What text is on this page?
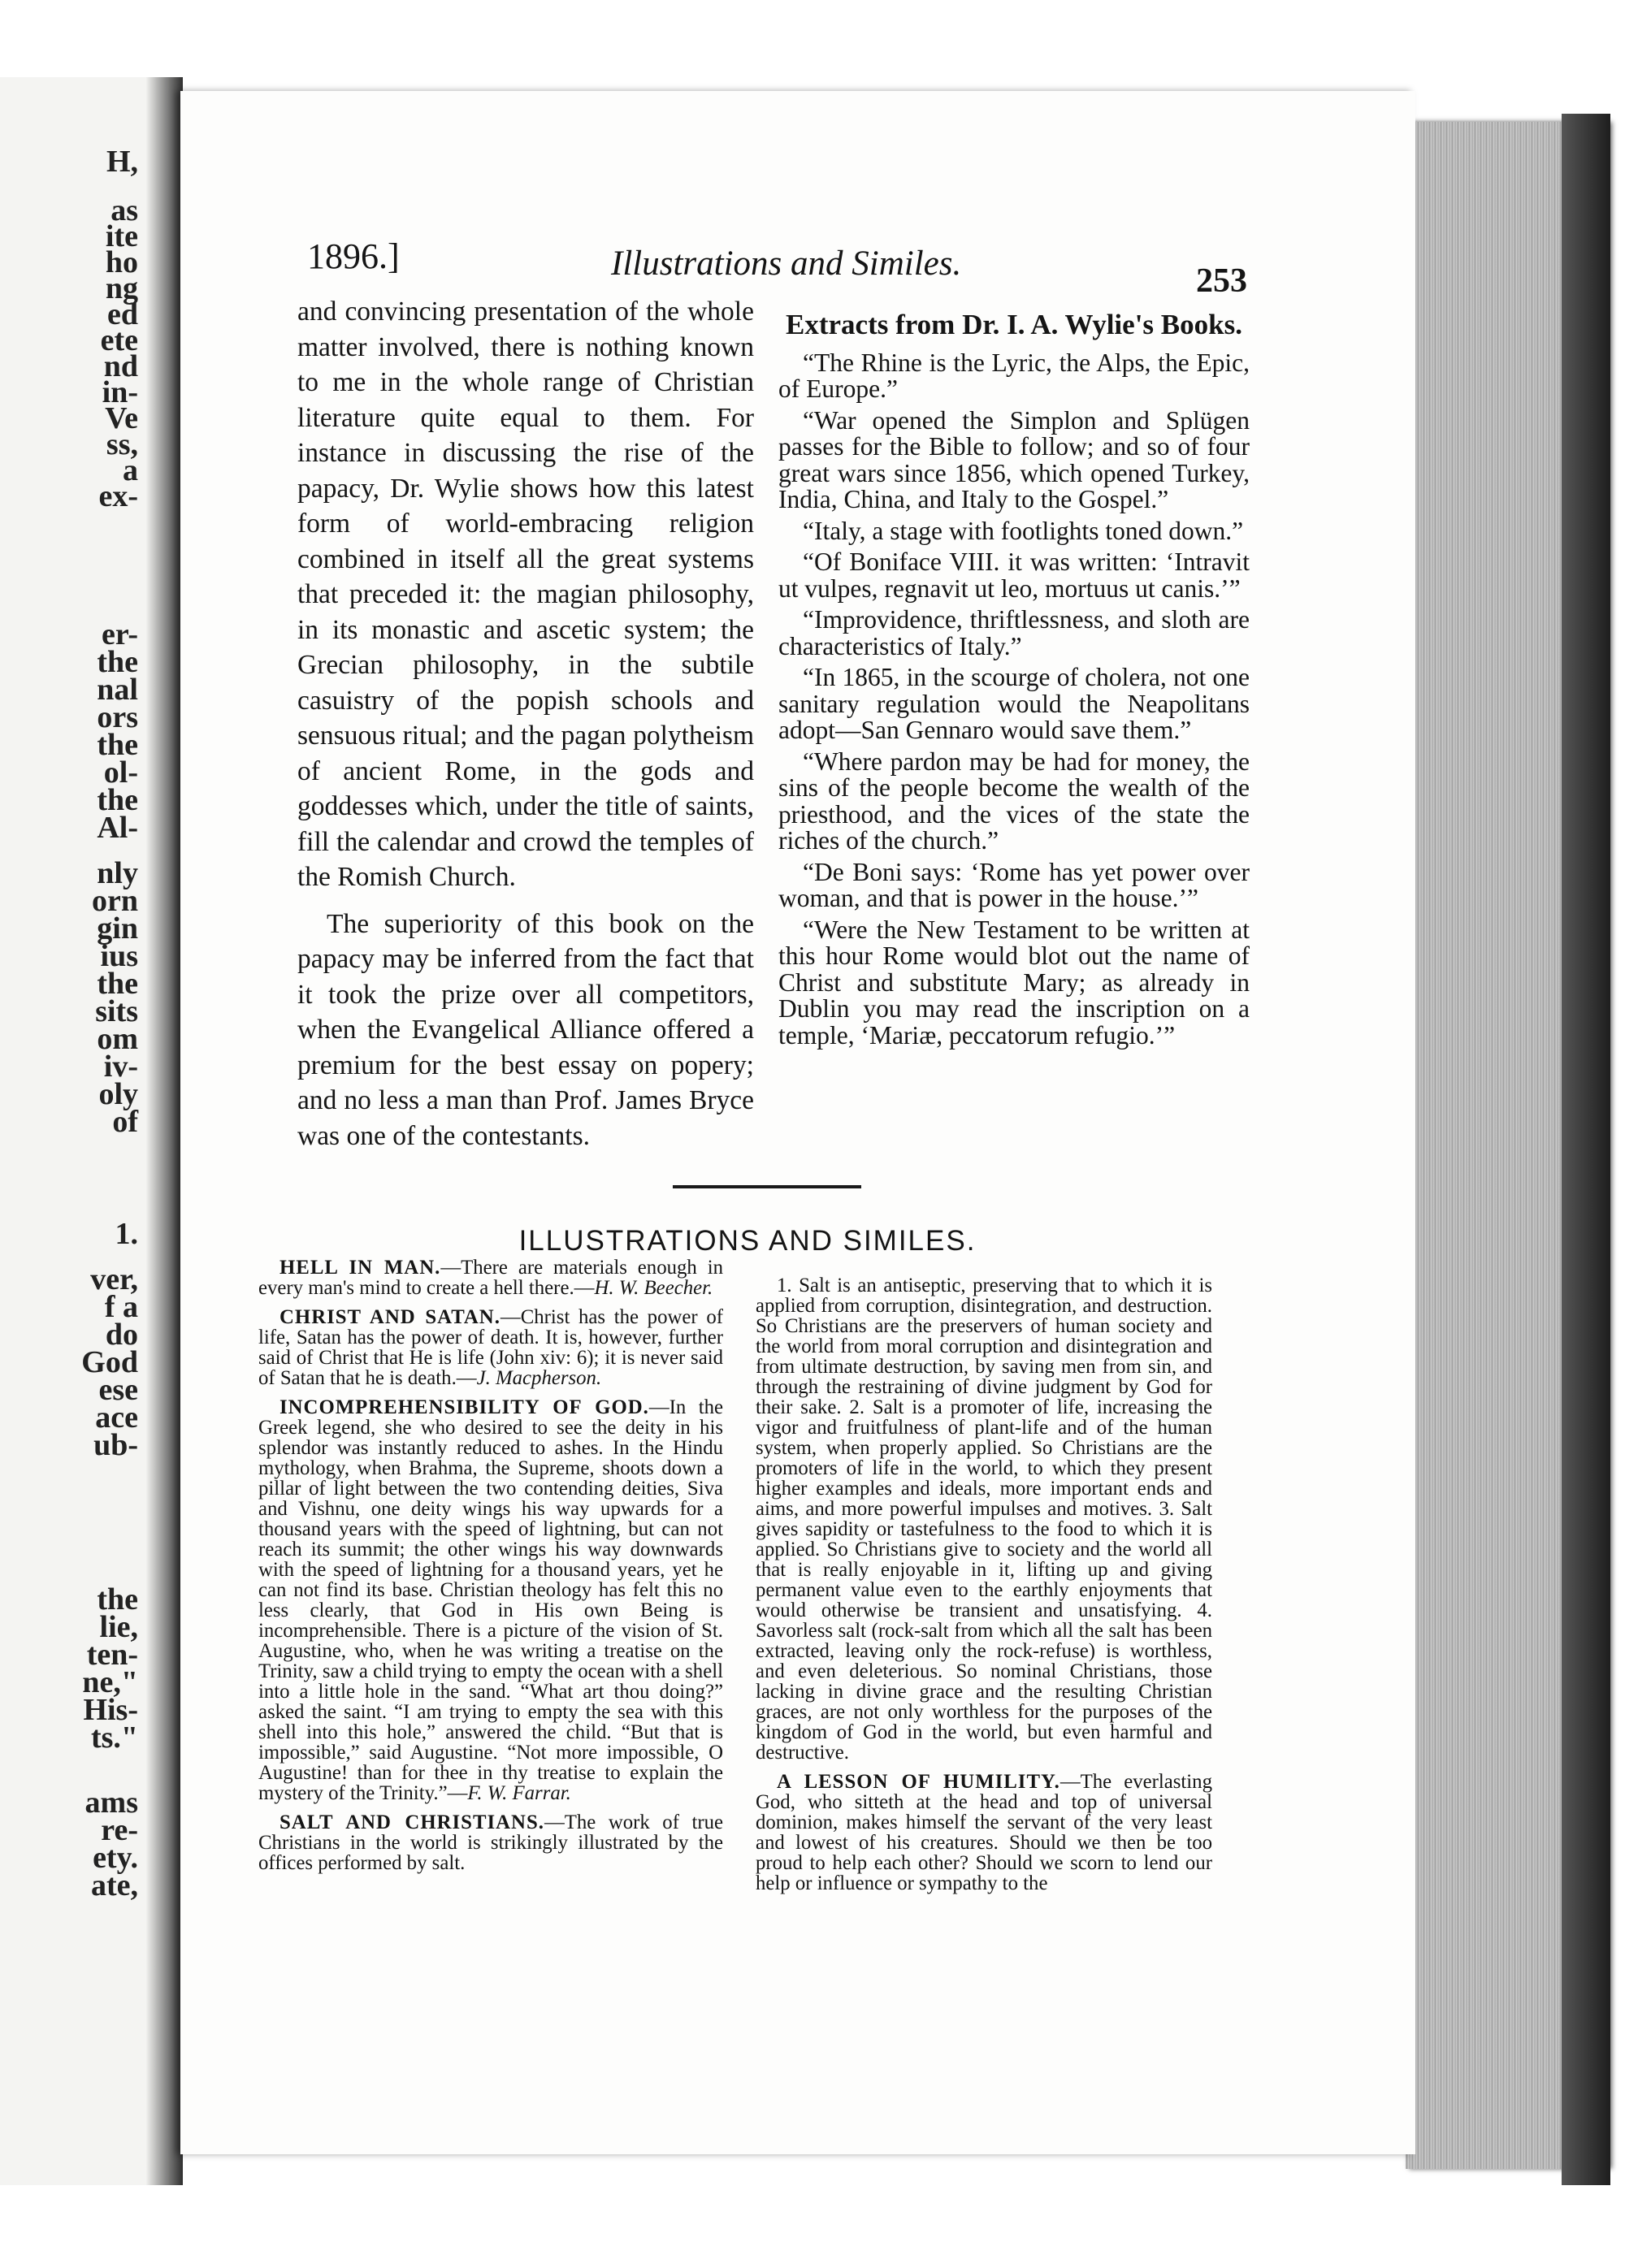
H,
as
ite
ho
ng
ed
ete
nd
in-
Ve
ss,
a
ex-
er-
the
nal
ors
the
ol-
the
Al-
nly
orn
gin
ius
the
sits
om
iv-
oly
of
1.
ver,
f a
do
God
ese
ace
ub-
the
lie,
ten-
ne,"
His-
ts."
ams
re-
ety.
ate,
1896.]	Illustrations and Similes.	253

and convincing presentation of the whole matter involved, there is nothing known to me in the whole range of Christian literature quite equal to them. For instance in discussing the rise of the papacy, Dr. Wylie shows how this latest form of world-embracing religion combined in itself all the great systems that preceded it: the magian philosophy, in its monastic and ascetic system; the Grecian philosophy, in the subtile casuistry of the popish schools and sensuous ritual; and the pagan polytheism of ancient Rome, in the gods and goddesses which, under the title of saints, fill the calendar and crowd the temples of the Romish Church.

The superiority of this book on the papacy may be inferred from the fact that it took the prize over all competitors, when the Evangelical Alliance offered a premium for the best essay on popery; and no less a man than Prof. James Bryce was one of the contestants.

Extracts from Dr. I. A. Wylie's Books.

“The Rhine is the Lyric, the Alps, the Epic, of Europe.”

“War opened the Simplon and Splügen passes for the Bible to follow; and so of four great wars since 1856, which opened Turkey, India, China, and Italy to the Gospel.”

“Italy, a stage with footlights toned down.”

“Of Boniface VIII. it was written: ‘Intravit ut vulpes, regnavit ut leo, mortuus ut canis.’”

“Improvidence, thriftlessness, and sloth are characteristics of Italy.”

“In 1865, in the scourge of cholera, not one sanitary regulation would the Neapolitans adopt—San Gennaro would save them.”

“Where pardon may be had for money, the sins of the people become the wealth of the priesthood, and the vices of the state the riches of the church.”

“De Boni says: ‘Rome has yet power over woman, and that is power in the house.’”

“Were the New Testament to be written at this hour Rome would blot out the name of Christ and substitute Mary; as already in Dublin you may read the inscription on a temple, ‘Mariæ, peccatorum refugio.’”

ILLUSTRATIONS AND SIMILES.

HELL IN MAN.—There are materials enough in every man's mind to create a hell there.—H. W. Beecher.

CHRIST AND SATAN.—Christ has the power of life, Satan has the power of death. It is, however, further said of Christ that He is life (John xiv: 6); it is never said of Satan that he is death.—J. Macpherson.

INCOMPREHENSIBILITY OF GOD.—In the Greek legend, she who desired to see the deity in his splendor was instantly reduced to ashes. In the Hindu mythology, when Brahma, the Supreme, shoots down a pillar of light between the two contending deities, Siva and Vishnu, one deity wings his way upwards for a thousand years with the speed of lightning, but can not reach its summit; the other wings his way downwards with the speed of lightning for a thousand years, yet he can not find its base. Christian theology has felt this no less clearly, that God in His own Being is incomprehensible. There is a picture of the vision of St. Augustine, who, when he was writing a treatise on the Trinity, saw a child trying to empty the ocean with a shell into a little hole in the sand. “What art thou doing?” asked the saint. “I am trying to empty the sea with this shell into this hole,” answered the child. “But that is impossible,” said Augustine. “Not more impossible, O Augustine! than for thee in thy treatise to explain the mystery of the Trinity.”—F. W. Farrar.

SALT AND CHRISTIANS.—The work of true Christians in the world is strikingly illustrated by the offices performed by salt.

1. Salt is an antiseptic, preserving that to which it is applied from corruption, disintegration, and destruction. So Christians are the preservers of human society and the world from moral corruption and disintegration and from ultimate destruction, by saving men from sin, and through the restraining of divine judgment by God for their sake. 2. Salt is a promoter of life, increasing the vigor and fruitfulness of plant-life and of the human system, when properly applied. So Christians are the promoters of life in the world, to which they present higher examples and ideals, more important ends and aims, and more powerful impulses and motives. 3. Salt gives sapidity or tastefulness to the food to which it is applied. So Christians give to society and the world all that is really enjoyable in it, lifting up and giving permanent value even to the earthly enjoyments that would otherwise be transient and unsatisfying. 4. Savorless salt (rock-salt from which all the salt has been extracted, leaving only the rock-refuse) is worthless, and even deleterious. So nominal Christians, those lacking in divine grace and the resulting Christian graces, are not only worthless for the purposes of the kingdom of God in the world, but even harmful and destructive.

A LESSON OF HUMILITY.—The everlasting God, who sitteth at the head and top of universal dominion, makes himself the servant of the very least and lowest of his creatures. Should we then be too proud to help each other? Should we scorn to lend our help or influence or sympathy to the
